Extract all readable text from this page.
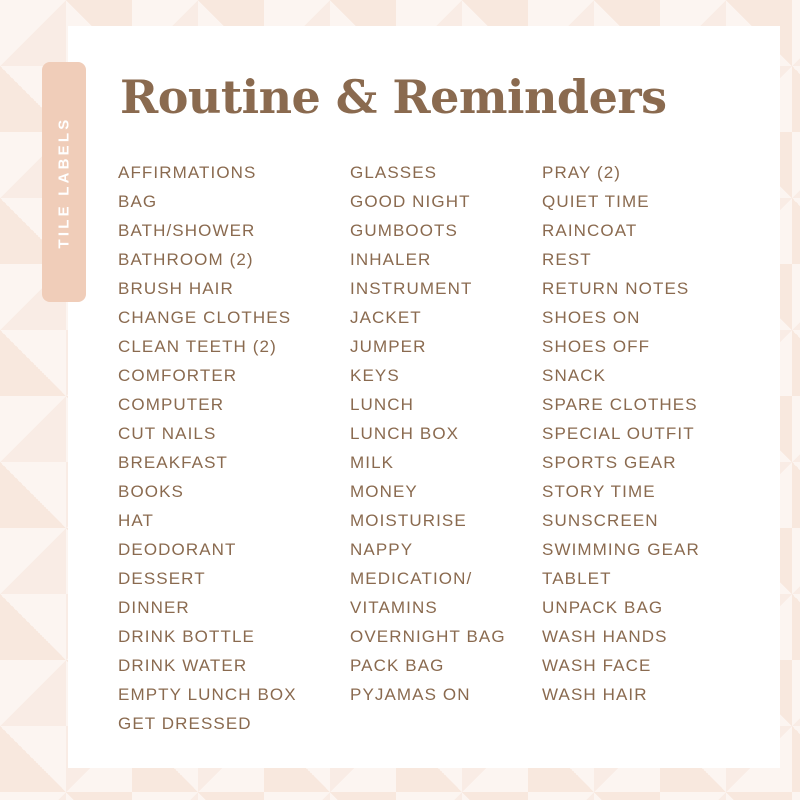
TILE LABELS
Routine & Reminders
AFFIRMATIONS
BAG
BATH/SHOWER
BATHROOM (2)
BRUSH HAIR
CHANGE CLOTHES
CLEAN TEETH (2)
COMFORTER
COMPUTER
CUT NAILS
BREAKFAST
BOOKS
HAT
DEODORANT
DESSERT
DINNER
DRINK BOTTLE
DRINK WATER
EMPTY LUNCH BOX
GET DRESSED
GLASSES
GOOD NIGHT
GUMBOOTS
INHALER
INSTRUMENT
JACKET
JUMPER
KEYS
LUNCH
LUNCH BOX
MILK
MONEY
MOISTURISE
NAPPY
MEDICATION/
VITAMINS
OVERNIGHT BAG
PACK BAG
PYJAMAS ON
PRAY (2)
QUIET TIME
RAINCOAT
REST
RETURN NOTES
SHOES ON
SHOES OFF
SNACK
SPARE CLOTHES
SPECIAL OUTFIT
SPORTS GEAR
STORY TIME
SUNSCREEN
SWIMMING GEAR
TABLET
UNPACK BAG
WASH HANDS
WASH FACE
WASH HAIR
